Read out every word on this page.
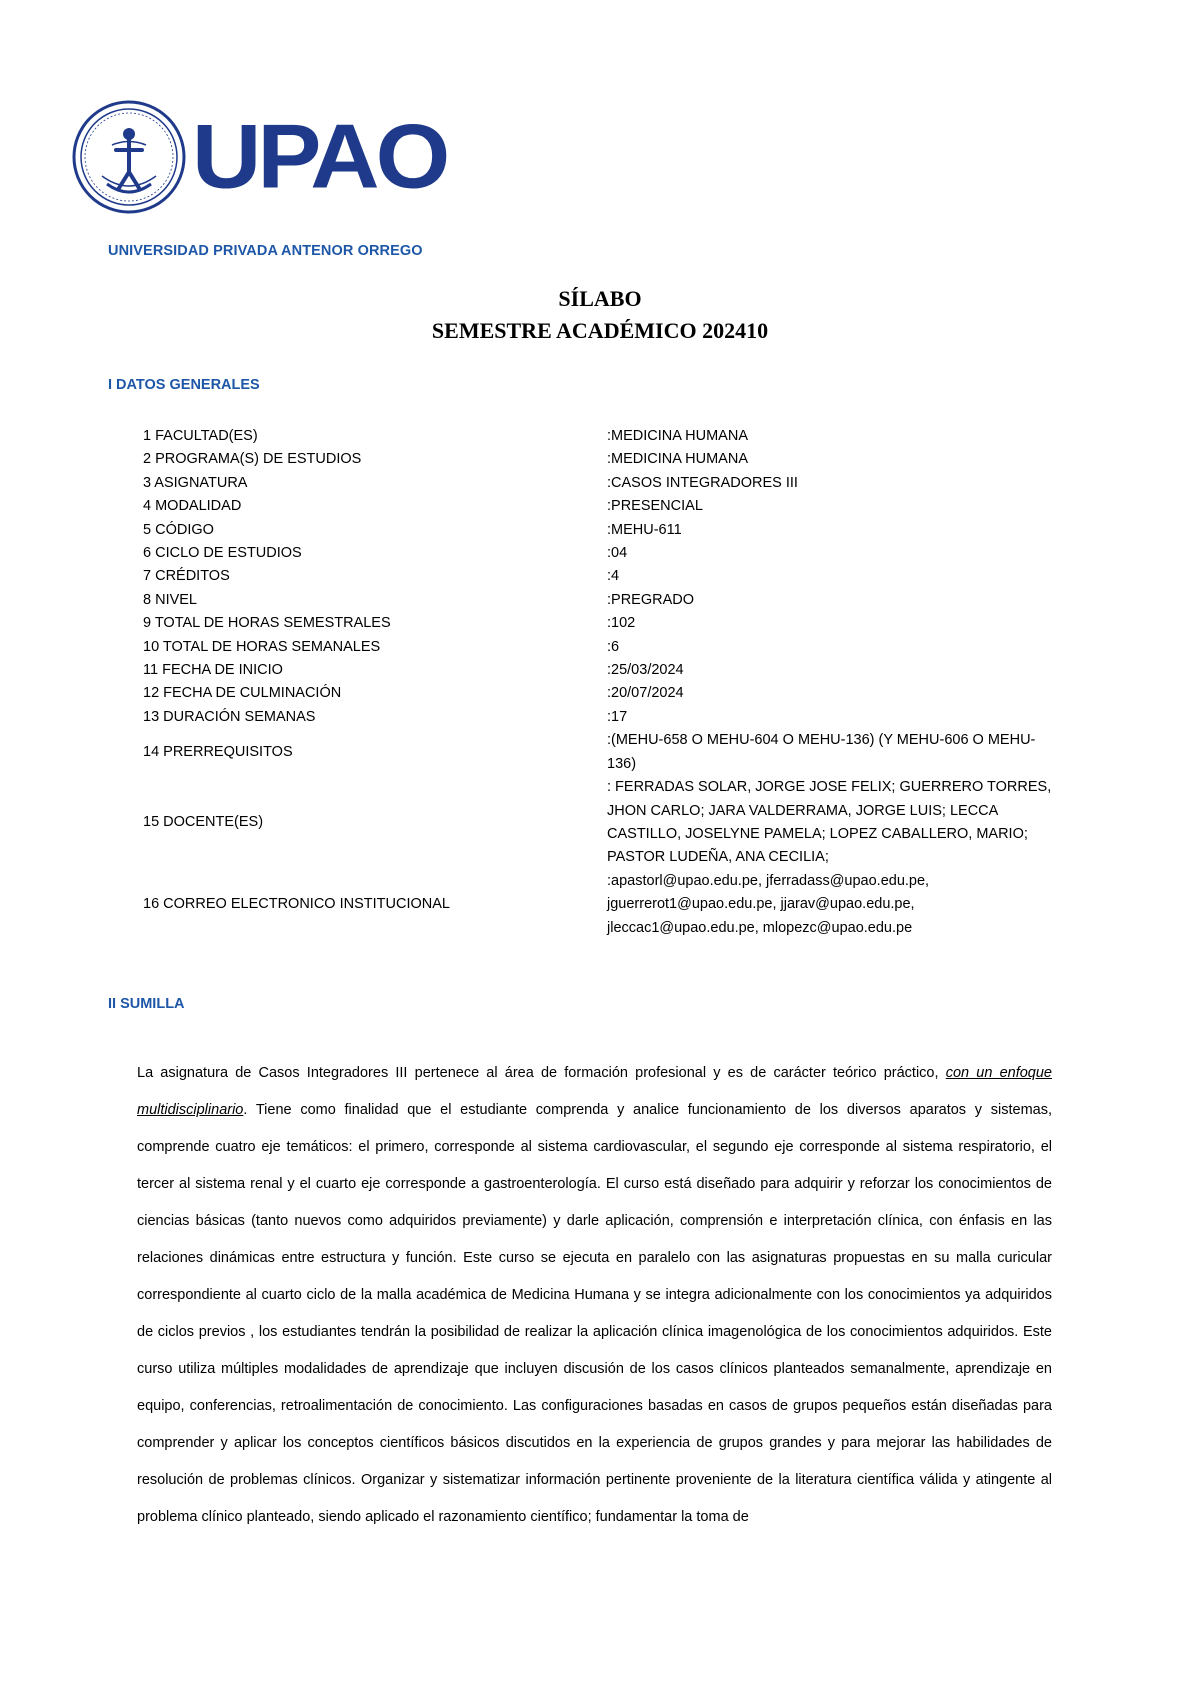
UPAO
UNIVERSIDAD PRIVADA ANTENOR ORREGO
SÍLABO
SEMESTRE ACADÉMICO 202410
I DATOS GENERALES
1 FACULTAD(ES)	:MEDICINA HUMANA
2 PROGRAMA(S) DE ESTUDIOS	:MEDICINA HUMANA
3 ASIGNATURA	:CASOS INTEGRADORES III
4 MODALIDAD	:PRESENCIAL
5 CÓDIGO	:MEHU-611
6 CICLO DE ESTUDIOS	:04
7 CRÉDITOS	:4
8 NIVEL	:PREGRADO
9 TOTAL DE HORAS SEMESTRALES	:102
10 TOTAL DE HORAS SEMANALES	:6
11 FECHA DE INICIO	:25/03/2024
12 FECHA DE CULMINACIÓN	:20/07/2024
13 DURACIÓN SEMANAS	:17
14 PRERREQUISITOS
:(MEHU-658 O MEHU-604 O MEHU-136) (Y MEHU-606 O MEHU-136)
15 DOCENTE(ES)
: FERRADAS SOLAR, JORGE JOSE FELIX; GUERRERO TORRES, JHON CARLO; JARA VALDERRAMA, JORGE LUIS; LECCA CASTILLO, JOSELYNE PAMELA; LOPEZ CABALLERO, MARIO; PASTOR LUDEÑA, ANA CECILIA;
16 CORREO ELECTRONICO INSTITUCIONAL
:apastorl@upao.edu.pe, jferradass@upao.edu.pe, jguerrerot1@upao.edu.pe, jjarav@upao.edu.pe, jleccac1@upao.edu.pe, mlopezc@upao.edu.pe
II SUMILLA
La asignatura de Casos Integradores III pertenece al área de formación profesional y es de carácter teórico práctico, con un enfoque multidisciplinario. Tiene como finalidad que el estudiante comprenda y analice funcionamiento de los diversos aparatos y sistemas, comprende cuatro eje temáticos: el primero, corresponde al sistema cardiovascular, el segundo eje corresponde al sistema respiratorio, el tercer al sistema renal y el cuarto eje corresponde a gastroenterología. El curso está diseñado para adquirir y reforzar los conocimientos de ciencias básicas (tanto nuevos como adquiridos previamente) y darle aplicación, comprensión e interpretación clínica, con énfasis en las relaciones dinámicas entre estructura y función. Este curso se ejecuta en paralelo con las asignaturas propuestas en su malla curicular correspondiente al cuarto ciclo de la malla académica de Medicina Humana y se integra adicionalmente con los conocimientos ya adquiridos de ciclos previos , los estudiantes tendrán la posibilidad de realizar la aplicación clínica imagenológica de los conocimientos adquiridos. Este curso utiliza múltiples modalidades de aprendizaje que incluyen discusión de los casos clínicos planteados semanalmente, aprendizaje en equipo, conferencias, retroalimentación de conocimiento. Las configuraciones basadas en casos de grupos pequeños están diseñadas para comprender y aplicar los conceptos científicos básicos discutidos en la experiencia de grupos grandes y para mejorar las habilidades de resolución de problemas clínicos. Organizar y sistematizar información pertinente proveniente de la literatura científica válida y atingente al problema clínico planteado, siendo aplicado el razonamiento científico; fundamentar la toma de
